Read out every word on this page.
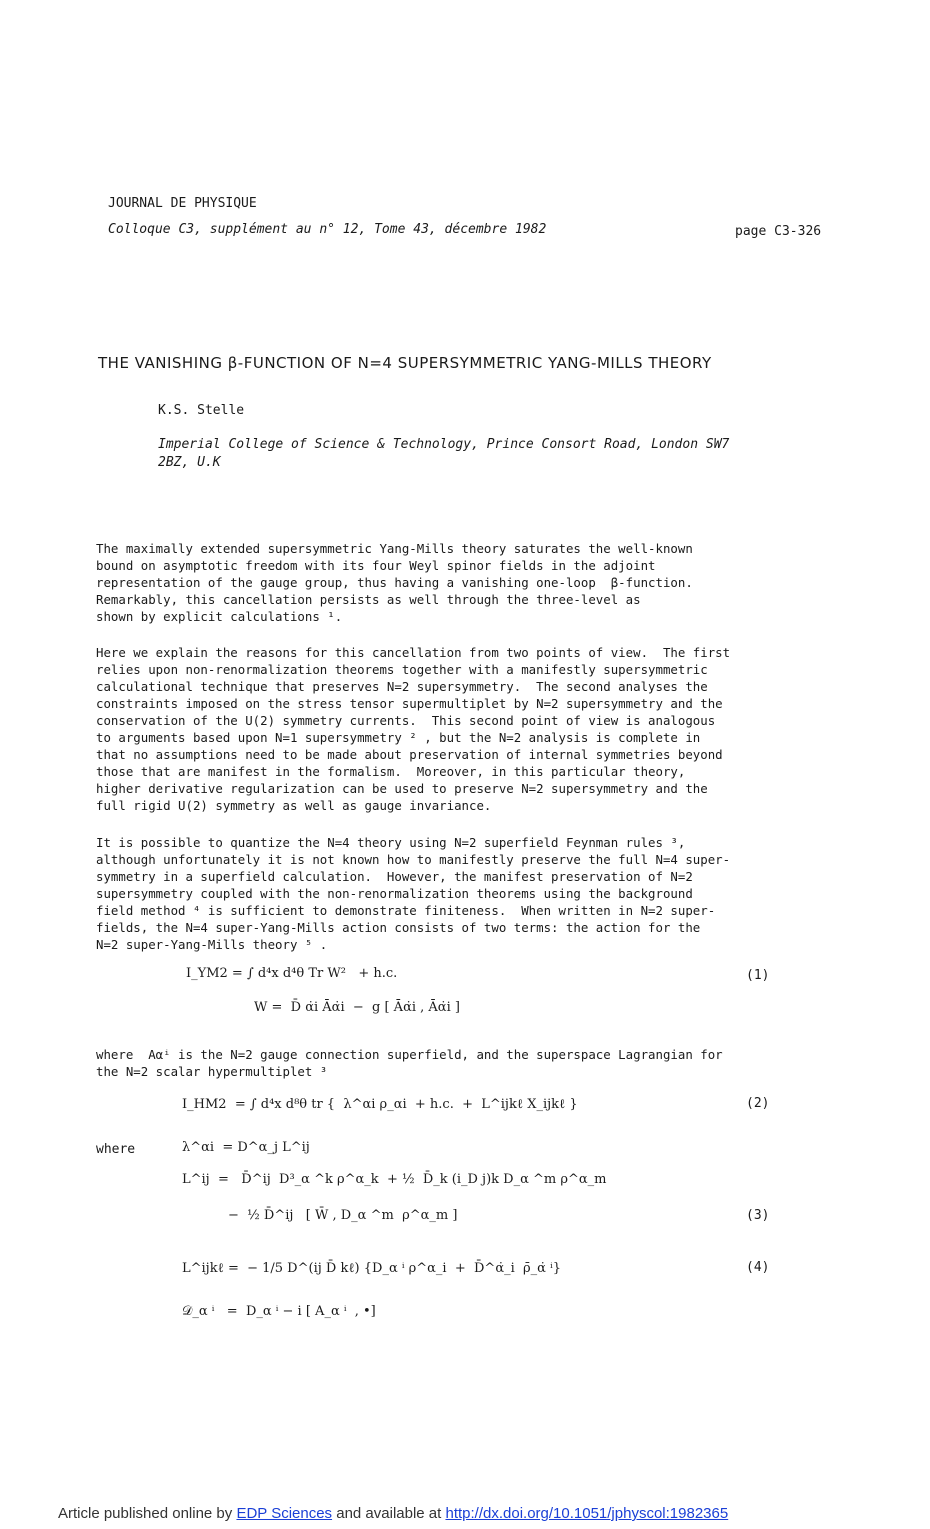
JOURNAL DE PHYSIQUE
Colloque C3, supplément au n° 12, Tome 43, décembre 1982	page C3-326
THE VANISHING β-FUNCTION OF N=4 SUPERSYMMETRIC YANG-MILLS THEORY
K.S. Stelle
Imperial College of Science & Technology, Prince Consort Road, London SW7
2BZ, U.K
The maximally extended supersymmetric Yang-Mills theory saturates the well-known
bound on asymptotic freedom with its four Weyl spinor fields in the adjoint
representation of the gauge group, thus having a vanishing one-loop  β-function.
Remarkably, this cancellation persists as well through the three-level as
shown by explicit calculations ¹.
Here we explain the reasons for this cancellation from two points of view.  The first
relies upon non-renormalization theorems together with a manifestly supersymmetric
calculational technique that preserves N=2 supersymmetry.  The second analyses the
constraints imposed on the stress tensor supermultiplet by N=2 supersymmetry and the
conservation of the U(2) symmetry currents.  This second point of view is analogous
to arguments based upon N=1 supersymmetry ² , but the N=2 analysis is complete in
that no assumptions need to be made about preservation of internal symmetries beyond
those that are manifest in the formalism.  Moreover, in this particular theory,
higher derivative regularization can be used to preserve N=2 supersymmetry and the
full rigid U(2) symmetry as well as gauge invariance.
It is possible to quantize the N=4 theory using N=2 superfield Feynman rules ³,
although unfortunately it is not known how to manifestly preserve the full N=4 super-
symmetry in a superfield calculation.  However, the manifest preservation of N=2
supersymmetry coupled with the non-renormalization theorems using the background
field method ⁴ is sufficient to demonstrate finiteness.  When written in N=2 super-
fields, the N=4 super-Yang-Mills action consists of two terms: the action for the
N=2 super-Yang-Mills theory ⁵ .
I_YM2 = ∫ d⁴x d⁴θ Tr W²   + h.c.
W =  D̄ α̇i Āα̇i  −  g [ Āα̇i , Āα̇i ]
(1)
where  Aαⁱ is the N=2 gauge connection superfield, and the superspace Lagrangian for
the N=2 scalar hypermultiplet ³
I_HM2  = ∫ d⁴x d⁸θ tr {  λ^αi ρ_αi  + h.c.  +  L^ijkℓ X_ijkℓ }	(2)
where	λ^αi  = D^α_j L^ij
L^ij  =   D̄^ij  D³_α ^k ρ^α_k  + ½  D̄_k (i_D j)k D_α ^m ρ^α_m
−  ½ D̄^ij   [ W̄ , D_α ^m  ρ^α_m ]	(3)
L^ijkℓ =  − 1/5 D^(ij D̄ kℓ) {D_α ⁱ ρ^α_i  +  D̄^α̇_i  ρ̄_α̇ ⁱ}	(4)
𝒟_α ⁱ   =  D_α ⁱ − i [ A_α ⁱ  , •]
Article published online by EDP Sciences and available at http://dx.doi.org/10.1051/jphyscol:1982365
